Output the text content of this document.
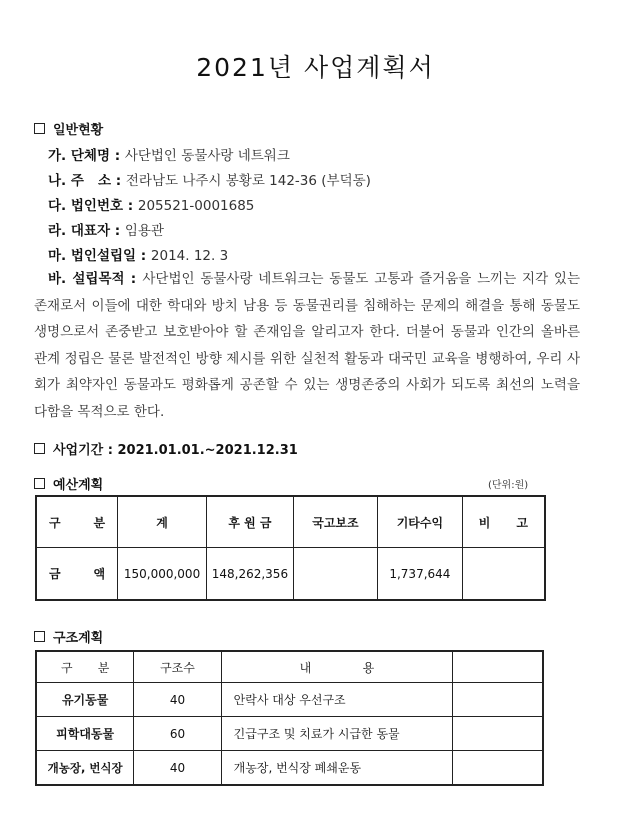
2021년 사업계획서
일반현황
가. 단체명 : 사단법인 동물사랑 네트워크
나. 주   소 : 전라남도 나주시 봉황로 142-36 (부덕동)
다. 법인번호 : 205521-0001685
라. 대표자 : 임용관
마. 법인설립일 : 2014. 12. 3
바. 설립목적 : 사단법인 동물사랑 네트워크는 동물도 고통과 즐거움을 느끼는 지각 있는 존재로서 이들에 대한 학대와 방치 남용 등 동물권리를 침해하는 문제의 해결을 통해 동물도 생명으로서 존중받고 보호받아야 할 존재임을 알리고자 한다. 더불어 동물과 인간의 올바른 관계 정립은 물론 발전적인 방향 제시를 위한 실천적 활동과 대국민 교육을 병행하여, 우리 사회가 최약자인 동물과도 평화롭게 공존할 수 있는 생명존중의 사회가 되도록 최선의 노력을 다함을 목적으로 한다.
사업기간 : 2021.01.01.~2021.12.31
예산계획	(단위:원)
구 분	계	후 원 금	국고보조	기타수익	비 고

금 액	150,000,000	148,262,356		1,737,644	
구조계획
구 분	구조수	내 용	

유기동물	40	안락사 대상 우선구조	
피학대동물	60	긴급구조 및 치료가 시급한 동물	
개농장, 번식장	40	개농장, 번식장 폐쇄운동	
